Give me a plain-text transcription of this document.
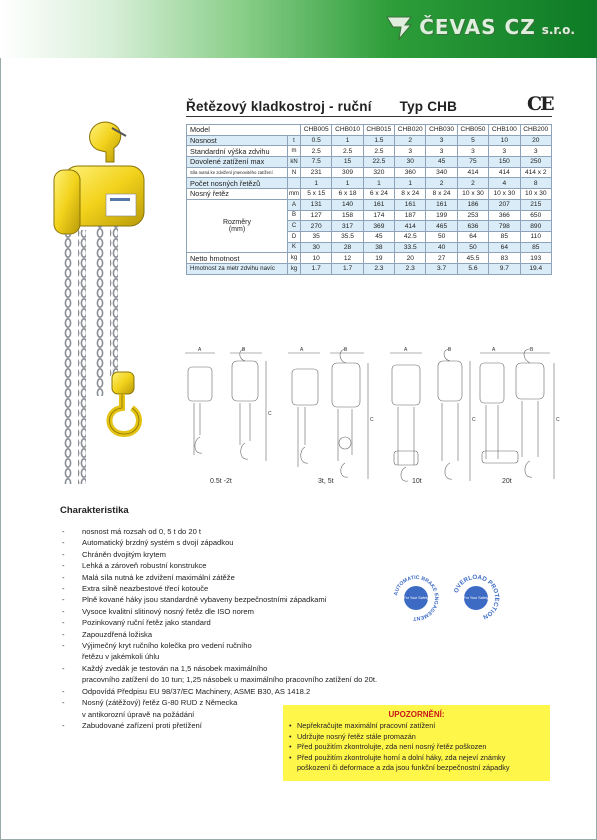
ČEVAS CZ s.r.o.
Řetězový kladkostroj - ruční Typ CHB	CE
Model		CHB005	CHB010	CHB015	CHB020	CHB030	CHB050	CHB100	CHB200
Nosnost	t	0.5	1	1.5	2	3	5	10	20
Standardní výška zdvihu	m	2.5	2.5	2.5	3	3	3	3	3
Dovolené zatížení max	kN	7.5	15	22.5	30	45	75	150	250
Síla nutná ke zdvižení jmenovitého zatížení	N	231	309	320	360	340	414	414	414 x 2
Počet nosných řetězů		1	1	1	1	2	2	4	8
Nosný řetěz	mm	5 x 15	6 x 18	6 x 24	8 x 24	8 x 24	10 x 30	10 x 30	10 x 30

Rozměry
(mm)	A	131	140	161	161	161	186	207	215
	B	127	158	174	187	199	253	366	650
	C	270	317	369	414	465	636	798	890
	D	35	35.5	45	42.5	50	64	85	110
	K	30	28	38	33.5	40	50	64	85
Netto hmotnost	kg	10	12	19	20	27	45.5	83	193
Hmotnost za metr zdvihu navíc	kg	1.7	1.7	2.3	2.3	3.7	5.6	9.7	19.4
A	B
C
A	B
C
A	B
C
A	B
C
0.5t -2t	3t, 5t	10t	20t
Charakteristika
- nosnost má rozsah od 0, 5 t do 20 t
- Automatický brzdný systém s dvojí západkou
- Chráněn dvojitým krytem
- Lehká a zároveň robustní konstrukce
- Malá síla nutná ke zdvižení maximální zátěže
- Extra silně neazbestové třecí kotouče
- Plně kované háky jsou standardně vybaveny bezpečnostními západkami
- Vysoce kvalitní slitinový nosný řetěz dle ISO norem
- Pozinkovaný ruční řetěz jako standard
- Zapouzdřená ložiska
- Výjimečný kryt ručního kolečka pro vedení ručního
řetězu v jakémkoli úhlu
- Každý zvedák je testován na 1,5 násobek maximálního
pracovního zatížení do 10 tun; 1,25 násobek u maximálního pracovního zatížení do 20t.
- Odpovídá Předpisu EU 98/37/EC Machinery, ASME B30, AS 1418.2
- Nosný (zátěžový) řetěz G-80 RUD z Německa
v antikorozní úpravě na požádání
- Zabudované zařízení proti přetížení
AUTOMATIC BRAKE ENGAGEMENT
For Your Safety
OVERLOAD PROTECTION
For Your Safety
UPOZORNĚNÍ:
• Nepřekračujte maximální pracovní zatížení
• Udržujte nosný řetěz stále promazán
• Před použitím zkontrolujte, zda není nosný řetěz poškozen
• Před použitím zkontrolujte horní a dolní háky, zda nejeví známky
poškození či deformace a zda jsou funkční bezpečnostní západky
